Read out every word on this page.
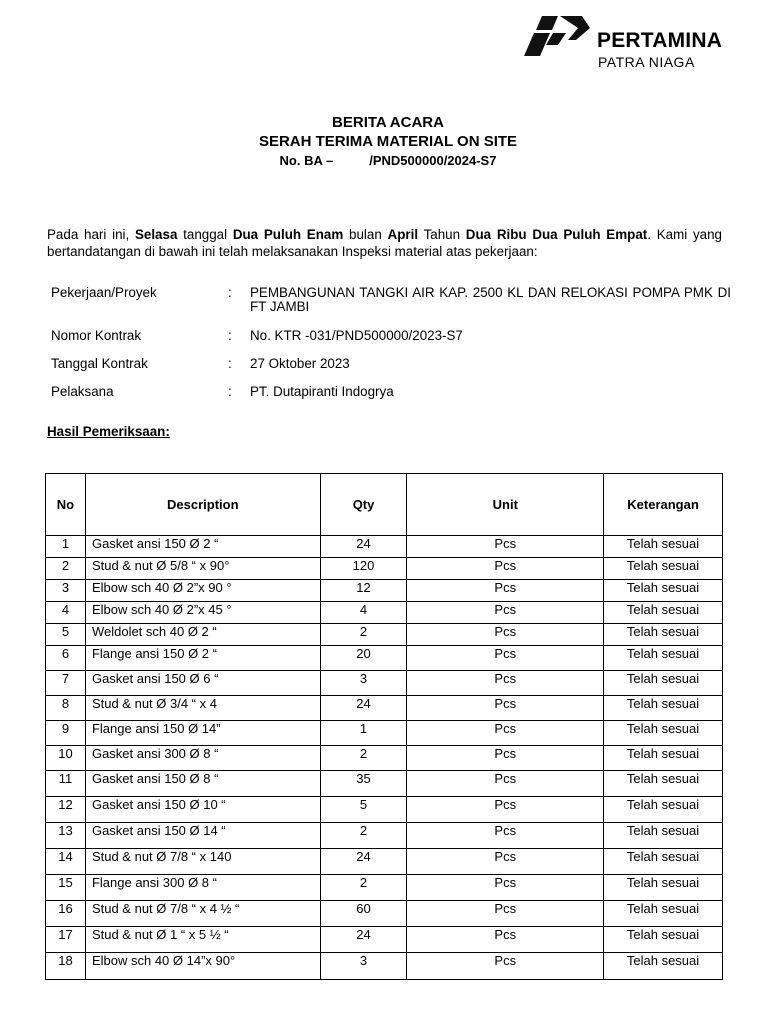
PERTAMINA
PATRA NIAGA
BERITA ACARA
SERAH TERIMA MATERIAL ON SITE
No. BA –	/PND500000/2024-S7
Pada hari ini, Selasa tanggal Dua Puluh Enam bulan April Tahun Dua Ribu Dua Puluh Empat. Kami yang bertandatangan di bawah ini telah melaksanakan Inspeksi material atas pekerjaan:
Pekerjaan/Proyek	: PEMBANGUNAN TANGKI AIR KAP. 2500 KL DAN RELOKASI POMPA PMK DI FT JAMBI
Nomor Kontrak	: No. KTR -031/PND500000/2023-S7
Tanggal Kontrak	: 27 Oktober 2023
Pelaksana	: PT. Dutapiranti Indogrya
Hasil Pemeriksaan:
No	Description	Qty	Unit	Keterangan
1	Gasket ansi 150 Ø 2 “	24	Pcs	Telah sesuai
2	Stud & nut Ø 5/8 “ x 90°	120	Pcs	Telah sesuai
3	Elbow sch 40 Ø 2”x 90 °	12	Pcs	Telah sesuai
4	Elbow sch 40 Ø 2”x 45 °	4	Pcs	Telah sesuai
5	Weldolet sch 40 Ø 2 “	2	Pcs	Telah sesuai
6	Flange ansi 150 Ø 2 “	20	Pcs	Telah sesuai
7	Gasket ansi 150 Ø 6 “	3	Pcs	Telah sesuai
8	Stud & nut Ø 3/4 “ x 4	24	Pcs	Telah sesuai
9	Flange ansi 150 Ø 14”	1	Pcs	Telah sesuai
10	Gasket ansi 300 Ø 8 “	2	Pcs	Telah sesuai
11	Gasket ansi 150 Ø 8 “	35	Pcs	Telah sesuai
12	Gasket ansi 150 Ø 10 “	5	Pcs	Telah sesuai
13	Gasket ansi 150 Ø 14 “	2	Pcs	Telah sesuai
14	Stud & nut Ø 7/8 “ x 140	24	Pcs	Telah sesuai
15	Flange ansi 300 Ø 8 “	2	Pcs	Telah sesuai
16	Stud & nut Ø 7/8 “ x 4 ½ “	60	Pcs	Telah sesuai
17	Stud & nut Ø 1 “ x 5 ½ “	24	Pcs	Telah sesuai
18	Elbow sch 40 Ø 14”x 90°	3	Pcs	Telah sesuai
